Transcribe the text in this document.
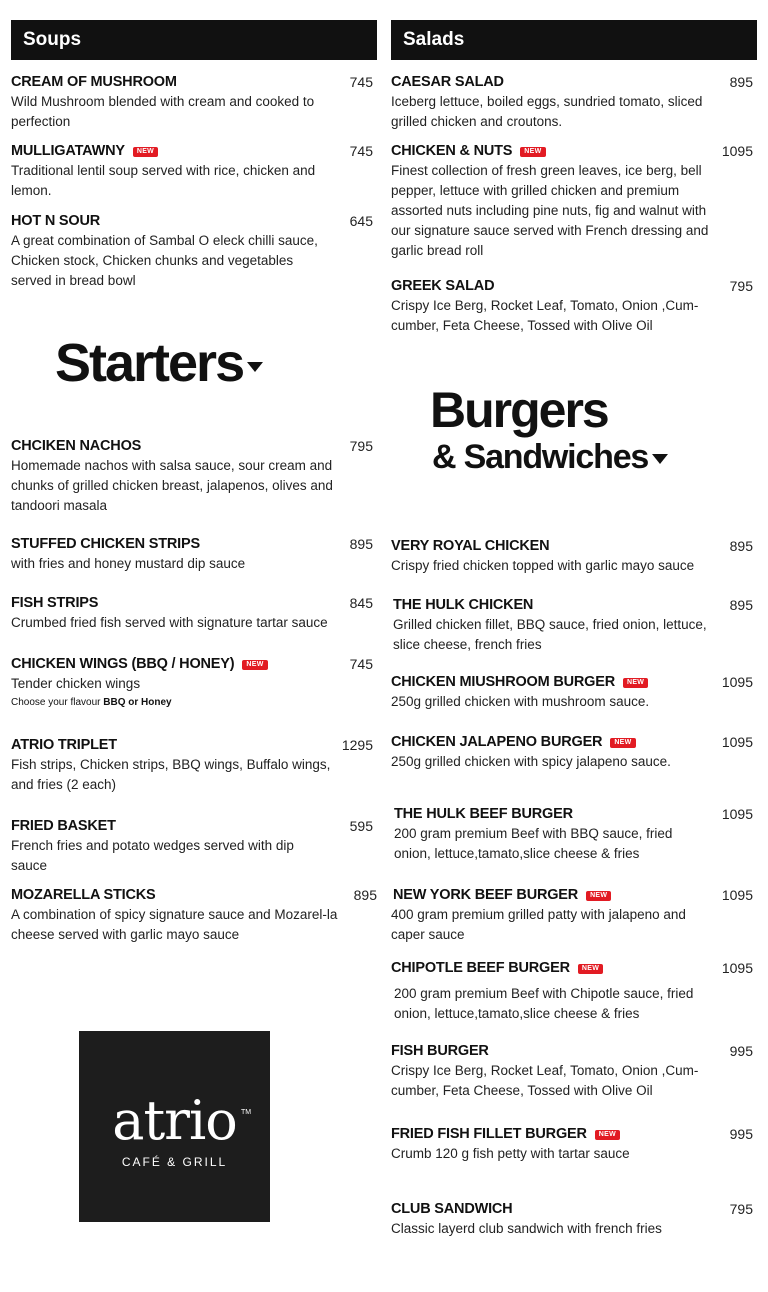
Soups	Salads
CREAM OF MUSHROOM	745
Wild Mushroom blended with cream and cooked to perfection
MULLIGATAWNY NEW	745
Traditional lentil soup served with rice, chicken and lemon.
HOT N SOUR	645
A great combination of Sambal O eleck chilli sauce, Chicken stock, Chicken chunks and vegetables served in bread bowl
Starters
CHCIKEN NACHOS	795
Homemade nachos with salsa sauce, sour cream and chunks of grilled chicken breast, jalapenos, olives and tandoori masala
STUFFED CHICKEN STRIPS	895
with fries and honey mustard dip sauce
FISH STRIPS	845
Crumbed fried fish served with signature tartar sauce
CHICKEN WINGS (BBQ / HONEY) NEW	745
Tender chicken wings
Choose your flavour BBQ or Honey
ATRIO TRIPLET	1295
Fish strips, Chicken strips, BBQ wings, Buffalo wings, and fries (2 each)
FRIED BASKET	595
French fries and potato wedges served with dip sauce
MOZARELLA STICKS	895
A combination of spicy signature sauce and Mozarel-la cheese served with garlic mayo sauce
CAESAR SALAD	895
Iceberg lettuce, boiled eggs, sundried tomato, sliced grilled chicken and croutons.
CHICKEN & NUTS NEW	1095
Finest collection of fresh green leaves, ice berg, bell pepper, lettuce with grilled chicken and premium assorted nuts including pine nuts, fig and walnut with our signature sauce served with French dressing and garlic bread roll
GREEK SALAD	795
Crispy Ice Berg, Rocket Leaf, Tomato, Onion ,Cum-cumber, Feta Cheese, Tossed with Olive Oil
Burgers
& Sandwiches
VERY ROYAL CHICKEN	895
Crispy fried chicken topped with garlic mayo sauce
THE HULK CHICKEN	895
Grilled chicken fillet, BBQ sauce, fried onion, lettuce, slice cheese, french fries
CHICKEN MIUSHROOM BURGER NEW	1095
250g grilled chicken with mushroom sauce.
CHICKEN JALAPENO BURGER NEW	1095
250g grilled chicken with spicy jalapeno sauce.
THE HULK BEEF BURGER	1095
200 gram premium Beef with BBQ sauce, fried onion, lettuce,tamato,slice cheese & fries
NEW YORK BEEF BURGER NEW	1095
400 gram premium grilled patty with jalapeno and caper sauce
CHIPOTLE BEEF BURGER NEW	1095
200 gram premium Beef with Chipotle sauce, fried onion, lettuce,tamato,slice cheese & fries
FISH BURGER	995
Crispy Ice Berg, Rocket Leaf, Tomato, Onion ,Cum-cumber, Feta Cheese, Tossed with Olive Oil
FRIED FISH FILLET BURGER NEW	995
Crumb 120 g fish petty with tartar sauce
CLUB SANDWICH	795
Classic layerd club sandwich with french fries
atrio TM
CAFÉ & GRILL
